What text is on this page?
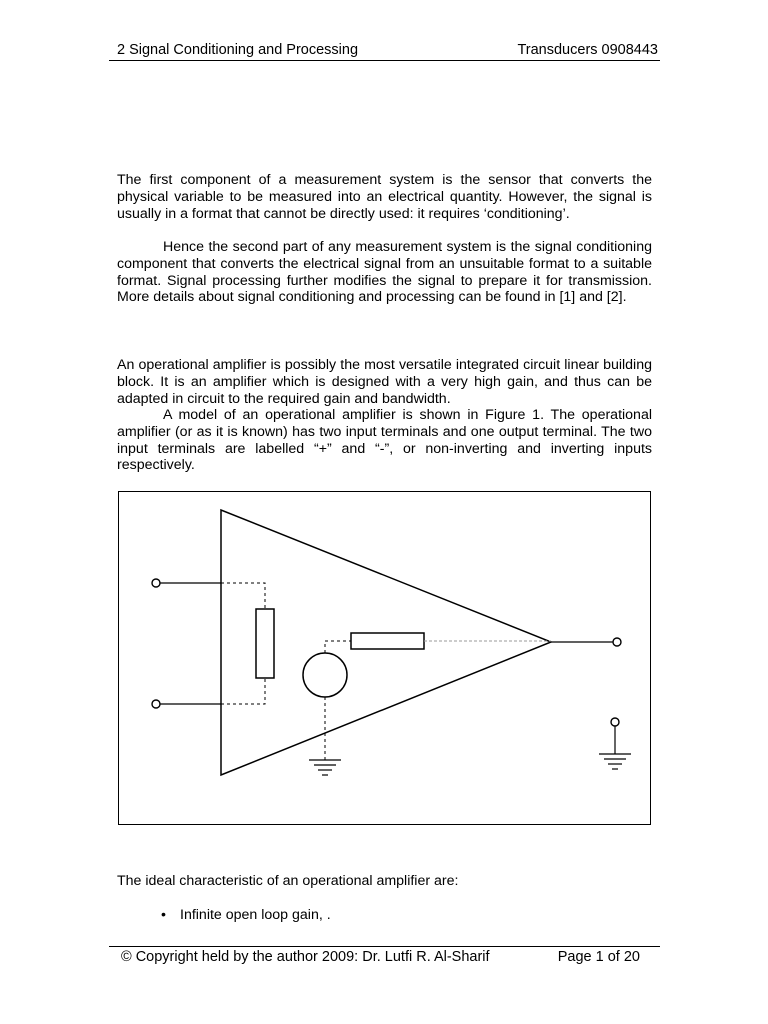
2 Signal Conditioning and Processing	Transducers 0908443

The first component of a measurement system is the sensor that converts the physical variable to be measured into an electrical quantity. However, the signal is usually in a format that cannot be directly used: it requires ‘conditioning’.

Hence the second part of any measurement system is the signal conditioning component that converts the electrical signal from an unsuitable format to a suitable format. Signal processing further modifies the signal to prepare it for transmission. More details about signal conditioning and processing can be found in [1] and [2].

An operational amplifier is possibly the most versatile integrated circuit linear building block. It is an amplifier which is designed with a very high gain, and thus can be adapted in circuit to the required gain and bandwidth.

A model of an operational amplifier is shown in Figure 1. The operational amplifier (or as it is known) has two input terminals and one output terminal. The two input terminals are labelled “+” and “-”, or non-inverting and inverting inputs respectively.

The ideal characteristic of an operational amplifier are:
• Infinite open loop gain, .
© Copyright held by the author 2009: Dr. Lutfi R. Al-Sharif	Page 1 of 20
